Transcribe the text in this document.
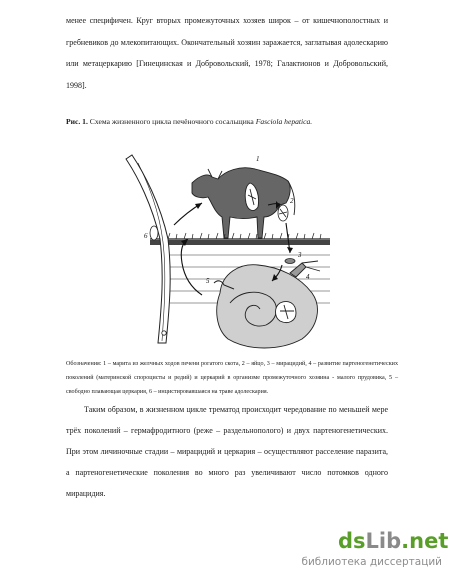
менее специфичен. Круг вторых промежуточных хозяев широк – от кишечнополостных и гребневиков до млекопитающих. Окончательный хозяин заражается, заглатывая адолескарию или метацеркарию [Гинецинская и Добровольский, 1978; Галактионов и Добровольский, 1998].

Рис. 1. Схема жизненного цикла печёночного сосальщика Fasciola hepatica.

1
2
3
4
5
6

Обозначения: 1 – марита из желчных ходов печени рогатого скота, 2 – яйцо, 3 – мирацидий, 4 – развитие партеногенетических поколений (материнской спороцисты и редий) и церкарий в организме промежуточного хозяина - малого прудовика, 5 – свободно плавающая церкария, 6 – инцистировавшаяся на траве адолескария.

Таким образом, в жизненном цикле трематод происходит чередование по меньшей мере трёх поколений – гермафродитного (реже – раздельнополого) и двух партеногенетических. При этом личиночные стадии – мирацидий и церкария – осуществляют расселение паразита, а партеногенетические поколения во много раз увеличивают число потомков одного мирацидия.

dsLib.net
библиотека диссертаций
